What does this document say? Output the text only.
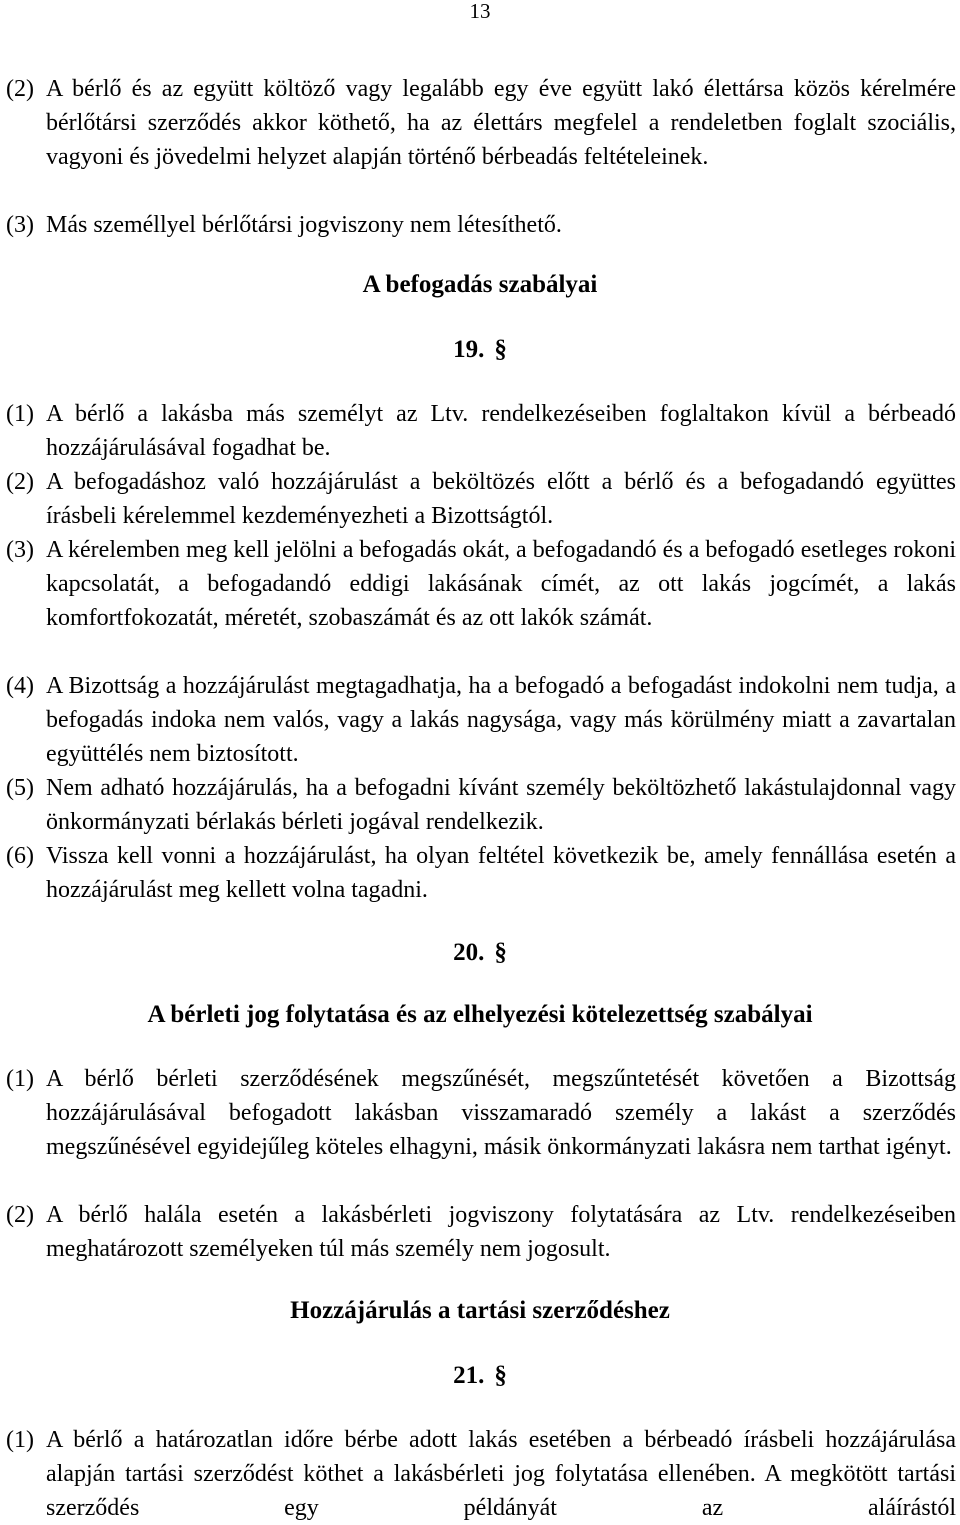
13
(2) A bérlő és az együtt költöző vagy legalább egy éve együtt lakó élettársa közös kérelmére bérlőtársi szerződés akkor köthető, ha az élettárs megfelel a rendeletben foglalt szociális, vagyoni és jövedelmi helyzet alapján történő bérbeadás feltételeinek.
(3) Más személlyel bérlőtársi jogviszony nem létesíthető.
A befogadás szabályai
19. §
(1) A bérlő a lakásba más személyt az Ltv. rendelkezéseiben foglaltakon kívül a bérbeadó hozzájárulásával fogadhat be.
(2) A befogadáshoz való hozzájárulást a beköltözés előtt a bérlő és a befogadandó együttes írásbeli kérelemmel kezdeményezheti a Bizottságtól.
(3) A kérelemben meg kell jelölni a befogadás okát, a befogadandó és a befogadó esetleges rokoni kapcsolatát, a befogadandó eddigi lakásának címét, az ott lakás jogcímét, a lakás komfortfokozatát, méretét, szobaszámát és az ott lakók számát.
(4) A Bizottság a hozzájárulást megtagadhatja, ha a befogadó a befogadást indokolni nem tudja, a befogadás indoka nem valós, vagy a lakás nagysága, vagy más körülmény miatt a zavartalan együttélés nem biztosított.
(5) Nem adható hozzájárulás, ha a befogadni kívánt személy beköltözhető lakástulajdonnal vagy önkormányzati bérlakás bérleti jogával rendelkezik.
(6) Vissza kell vonni a hozzájárulást, ha olyan feltétel következik be, amely fennállása esetén a hozzájárulást meg kellett volna tagadni.
20. §
A bérleti jog folytatása és az elhelyezési kötelezettség szabályai
(1) A bérlő bérleti szerződésének megszűnését, megszűntetését követően a Bizottság hozzájárulásával befogadott lakásban visszamaradó személy a lakást a szerződés megszűnésével egyidejűleg köteles elhagyni, másik önkormányzati lakásra nem tarthat igényt.
(2) A bérlő halála esetén a lakásbérleti jogviszony folytatására az Ltv. rendelkezéseiben meghatározott személyeken túl más személy nem jogosult.
Hozzájárulás a tartási szerződéshez
21. §
(1) A bérlő a határozatlan időre bérbe adott lakás esetében a bérbeadó írásbeli hozzájárulása alapján tartási szerződést köthet a lakásbérleti jog folytatása ellenében. A megkötött tartási szerződés egy példányát az aláírástól
